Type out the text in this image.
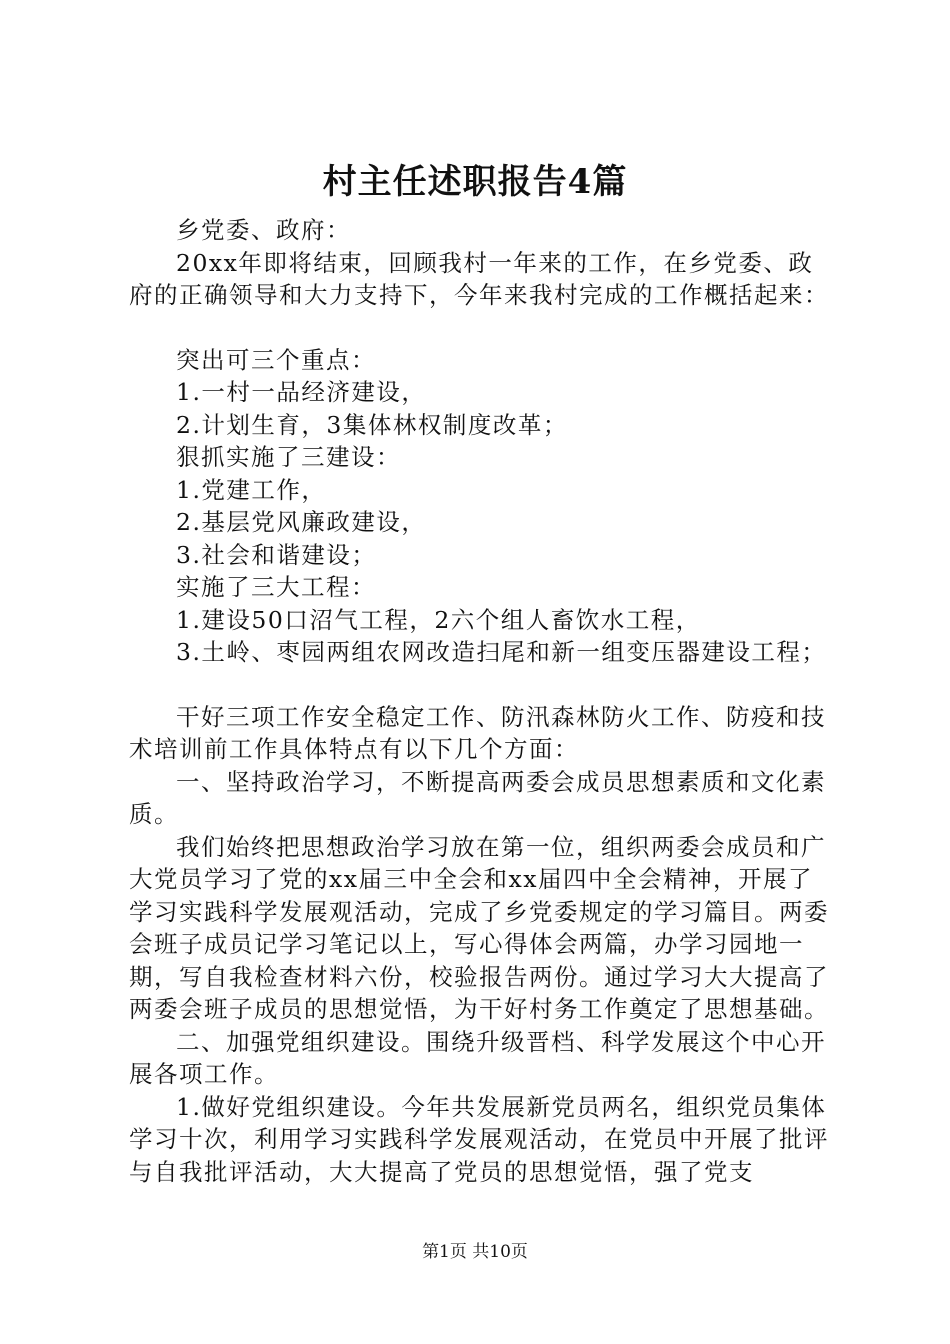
村主任述职报告4篇

乡党委、政府：

20xx年即将结束，回顾我村一年来的工作，在乡党委、政府的正确领导和大力支持下，今年来我村完成的工作概括起来：

突出可三个重点：

1.一村一品经济建设，

2.计划生育，3集体林权制度改革；

狠抓实施了三建设：

1.党建工作，

2.基层党风廉政建设，

3.社会和谐建设；

实施了三大工程：

1.建设50口沼气工程，2六个组人畜饮水工程，

3.土岭、枣园两组农网改造扫尾和新一组变压器建设工程；

干好三项工作安全稳定工作、防汛森林防火工作、防疫和技术培训前工作具体特点有以下几个方面：

一、坚持政治学习，不断提高两委会成员思想素质和文化素质。

我们始终把思想政治学习放在第一位，组织两委会成员和广大党员学习了党的xx届三中全会和xx届四中全会精神，开展了学习实践科学发展观活动，完成了乡党委规定的学习篇目。两委会班子成员记学习笔记以上，写心得体会两篇，办学习园地一期，写自我检查材料六份，校验报告两份。通过学习大大提高了两委会班子成员的思想觉悟，为干好村务工作奠定了思想基础。

二、加强党组织建设。围绕升级晋档、科学发展这个中心开展各项工作。

1.做好党组织建设。今年共发展新党员两名，组织党员集体学习十次，利用学习实践科学发展观活动，在党员中开展了批评与自我批评活动，大大提高了党员的思想觉悟，强了党支

第1页 共10页
